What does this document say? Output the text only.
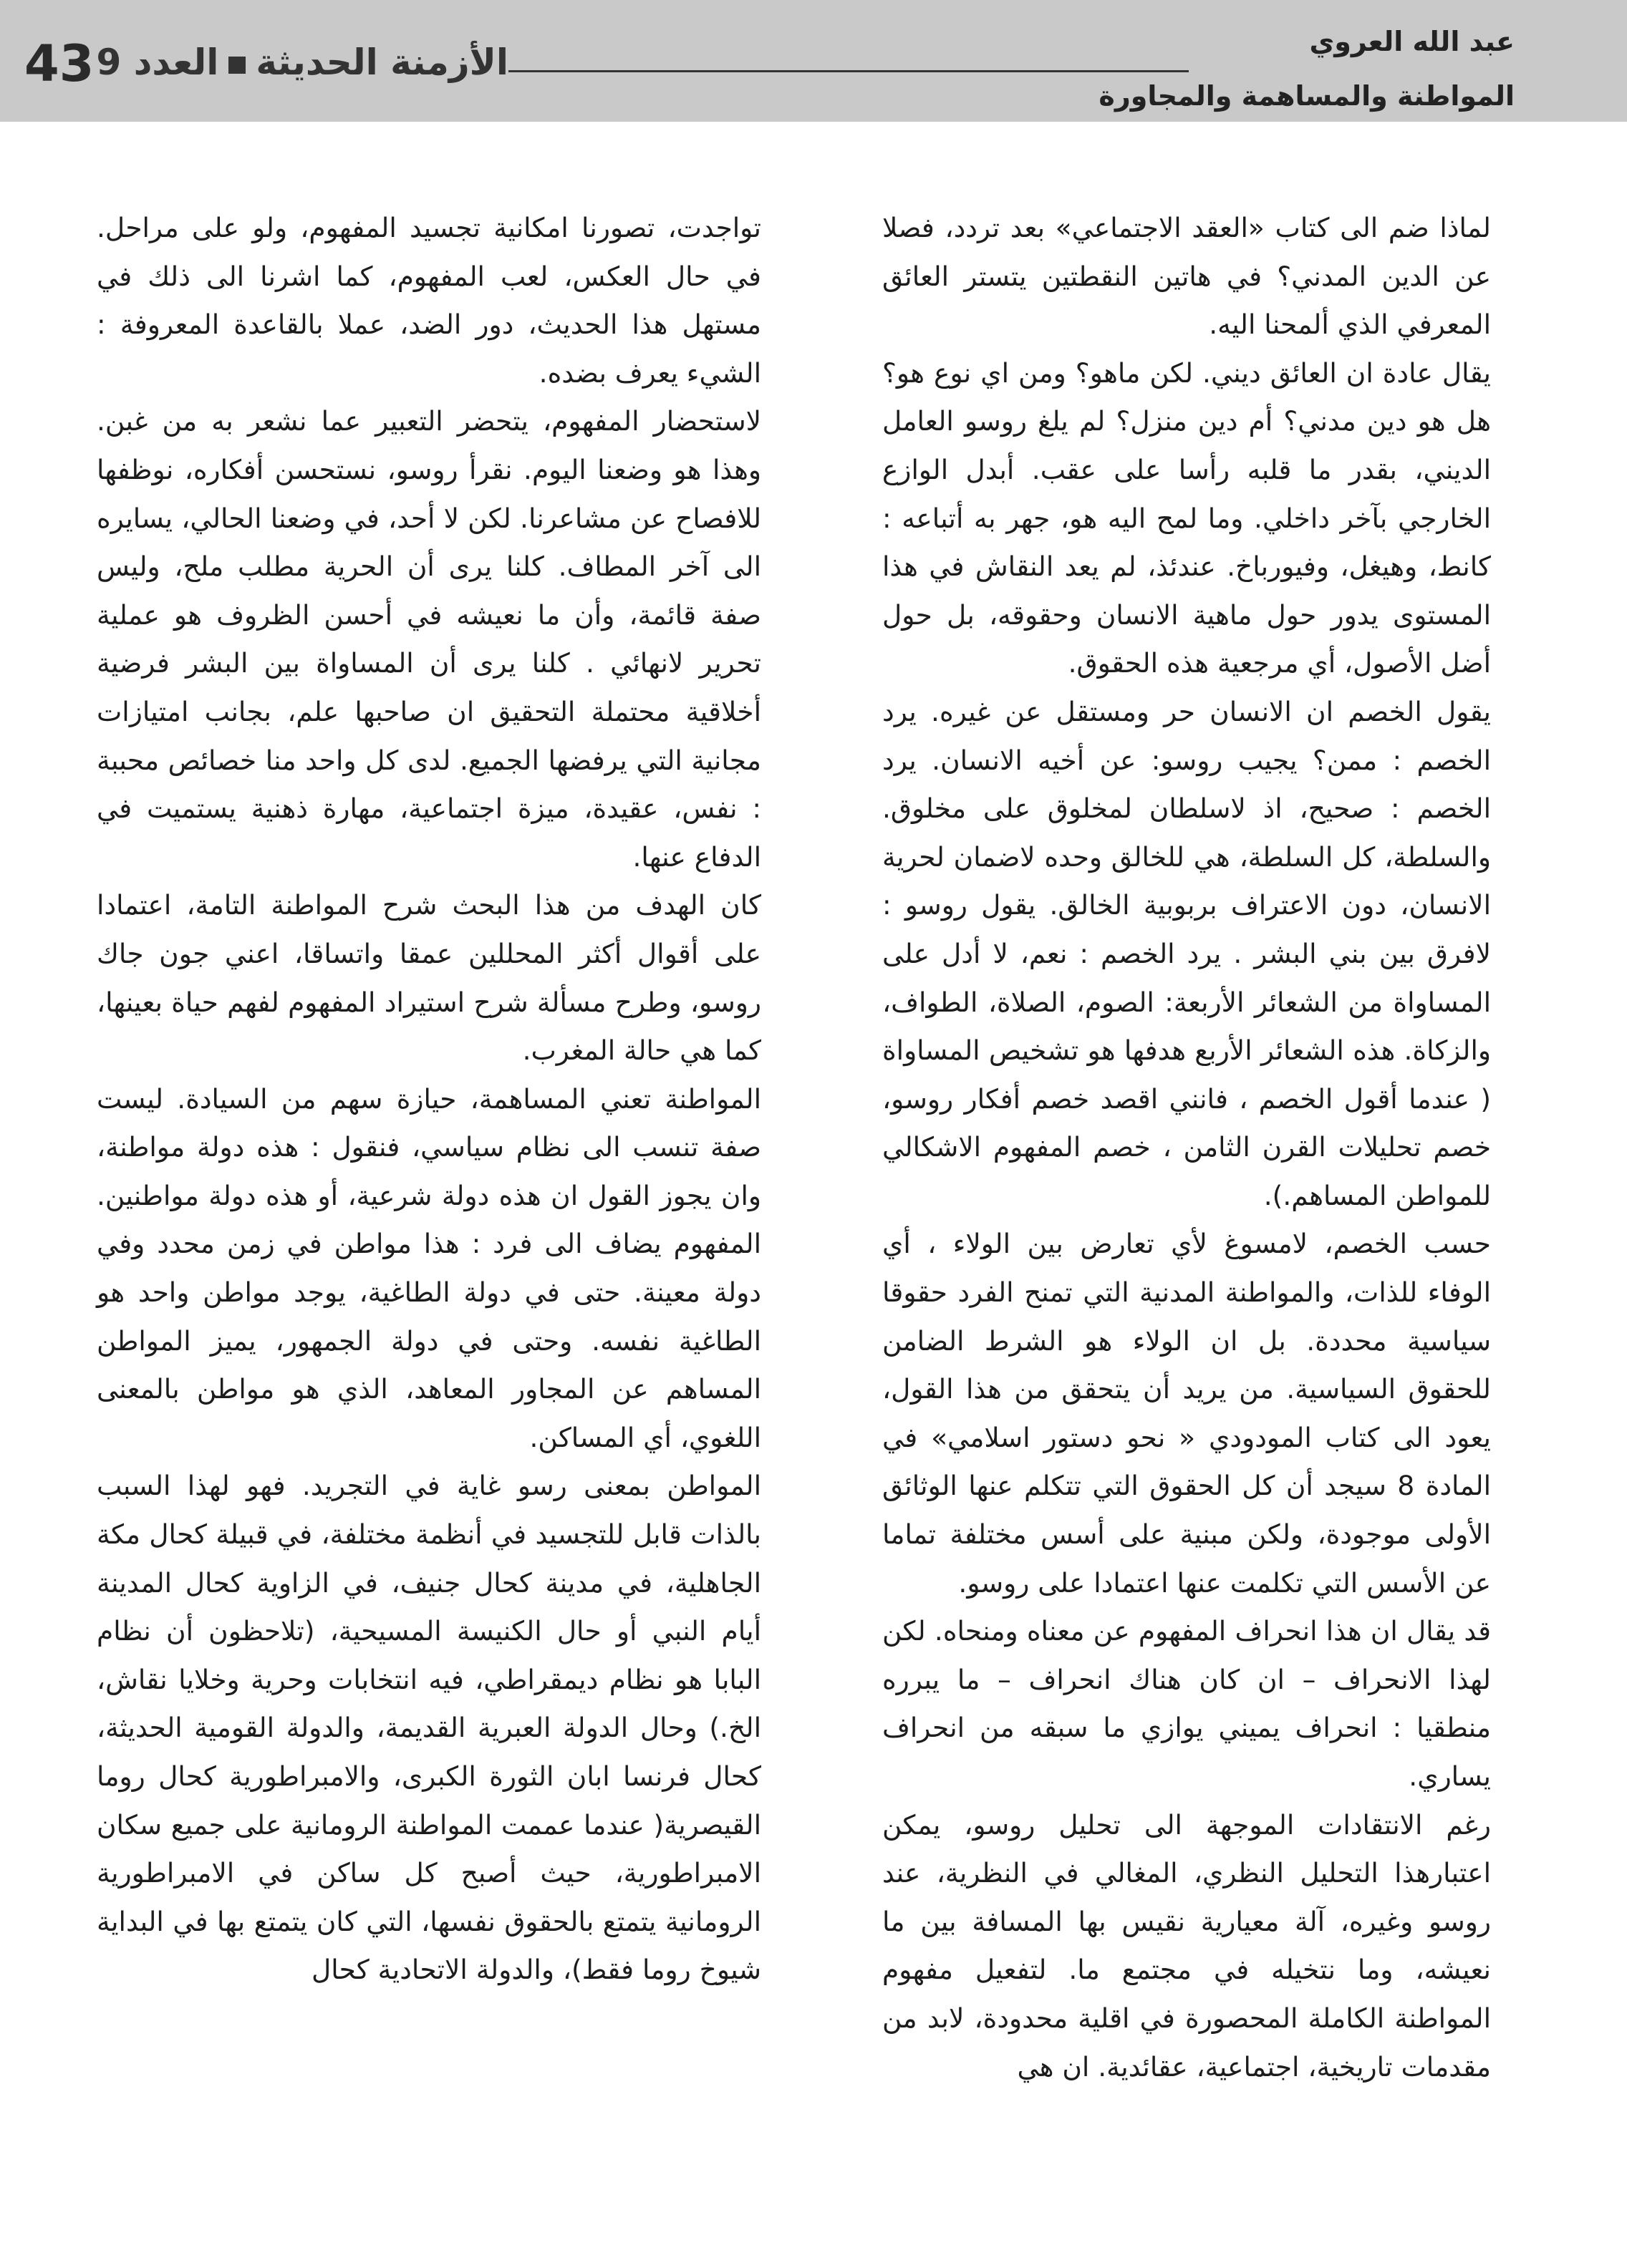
43	الأزمنة الحديثةالعدد 9	عبد الله العروي
المواطنة والمساهمة والمجاورة

لماذا ضم الى كتاب «العقد الاجتماعي» بعد تردد، فصلا عن الدين المدني؟ في هاتين النقطتين يتستر العائق المعرفي الذي ألمحنا اليه.

يقال عادة ان العائق ديني. لكن ماهو؟ ومن اي نوع هو؟ هل هو دين مدني؟ أم دين منزل؟ لم يلغ روسو العامل الديني، بقدر ما قلبه رأسا على عقب. أبدل الوازع الخارجي بآخر داخلي. وما لمح اليه هو، جهر به أتباعه : كانط، وهيغل، وفيورباخ. عندئذ، لم يعد النقاش في هذا المستوى يدور حول ماهية الانسان وحقوقه، بل حول أضل الأصول، أي مرجعية هذه الحقوق.

يقول الخصم ان الانسان حر ومستقل عن غيره. يرد الخصم : ممن؟ يجيب روسو: عن أخيه الانسان. يرد الخصم : صحيح، اذ لاسلطان لمخلوق على مخلوق. والسلطة، كل السلطة، هي للخالق وحده لاضمان لحرية الانسان، دون الاعتراف بربوبية الخالق. يقول روسو : لافرق بين بني البشر . يرد الخصم : نعم، لا أدل على المساواة من الشعائر الأربعة: الصوم، الصلاة، الطواف، والزكاة. هذه الشعائر الأربع هدفها هو تشخيص المساواة ( عندما أقول الخصم ، فانني اقصد خصم أفكار روسو، خصم تحليلات القرن الثامن ، خصم المفهوم الاشكالي للمواطن المساهم.).

حسب الخصم، لامسوغ لأي تعارض بين الولاء ، أي الوفاء للذات، والمواطنة المدنية التي تمنح الفرد حقوقا سياسية محددة. بل ان الولاء هو الشرط الضامن للحقوق السياسية. من يريد أن يتحقق من هذا القول، يعود الى كتاب المودودي « نحو دستور اسلامي» في المادة 8 سيجد أن كل الحقوق التي تتكلم عنها الوثائق الأولى موجودة، ولكن مبنية على أسس مختلفة تماما عن الأسس التي تكلمت عنها اعتمادا على روسو.

قد يقال ان هذا انحراف المفهوم عن معناه ومنحاه. لكن لهذا الانحراف – ان كان هناك انحراف – ما يبرره منطقيا : انحراف يميني يوازي ما سبقه من انحراف يساري.

رغم الانتقادات الموجهة الى تحليل روسو، يمكن اعتبارهذا التحليل النظري، المغالي في النظرية، عند روسو وغيره، آلة معيارية نقيس بها المسافة بين ما نعيشه، وما نتخيله في مجتمع ما. لتفعيل مفهوم المواطنة الكاملة المحصورة في اقلية محدودة، لابد من مقدمات تاريخية، اجتماعية، عقائدية. ان هي

تواجدت، تصورنا امكانية تجسيد المفهوم، ولو على مراحل. في حال العكس، لعب المفهوم، كما اشرنا الى ذلك في مستهل هذا الحديث، دور الضد، عملا بالقاعدة المعروفة : الشيء يعرف بضده.

لاستحضار المفهوم، يتحضر التعبير عما نشعر به من غبن. وهذا هو وضعنا اليوم. نقرأ روسو، نستحسن أفكاره، نوظفها للافصاح عن مشاعرنا. لكن لا أحد، في وضعنا الحالي، يسايره الى آخر المطاف. كلنا يرى أن الحرية مطلب ملح، وليس صفة قائمة، وأن ما نعيشه في أحسن الظروف هو عملية تحرير لانهائي . كلنا يرى أن المساواة بين البشر فرضية أخلاقية محتملة التحقيق ان صاحبها علم، بجانب امتيازات مجانية التي يرفضها الجميع. لدى كل واحد منا خصائص محببة : نفس، عقيدة، ميزة اجتماعية، مهارة ذهنية يستميت في الدفاع عنها.

كان الهدف من هذا البحث شرح المواطنة التامة، اعتمادا على أقوال أكثر المحللين عمقا واتساقا، اعني جون جاك روسو، وطرح مسألة شرح استيراد المفهوم لفهم حياة بعينها، كما هي حالة المغرب.

المواطنة تعني المساهمة، حيازة سهم من السيادة. ليست صفة تنسب الى نظام سياسي، فنقول : هذه دولة مواطنة، وان يجوز القول ان هذه دولة شرعية، أو هذه دولة مواطنين. المفهوم يضاف الى فرد : هذا مواطن في زمن محدد وفي دولة معينة. حتى في دولة الطاغية، يوجد مواطن واحد هو الطاغية نفسه. وحتى في دولة الجمهور، يميز المواطن المساهم عن المجاور المعاهد، الذي هو مواطن بالمعنى اللغوي، أي المساكن.

المواطن بمعنى رسو غاية في التجريد. فهو لهذا السبب بالذات قابل للتجسيد في أنظمة مختلفة، في قبيلة كحال مكة الجاهلية، في مدينة كحال جنيف، في الزاوية كحال المدينة أيام النبي أو حال الكنيسة المسيحية، (تلاحظون أن نظام البابا هو نظام ديمقراطي، فيه انتخابات وحرية وخلايا نقاش، الخ.) وحال الدولة العبرية القديمة، والدولة القومية الحديثة، كحال فرنسا ابان الثورة الكبرى، والامبراطورية كحال روما القيصرية( عندما عممت المواطنة الرومانية على جميع سكان الامبراطورية، حيث أصبح كل ساكن في الامبراطورية الرومانية يتمتع بالحقوق نفسها، التي كان يتمتع بها في البداية شيوخ روما فقط)، والدولة الاتحادية كحال
